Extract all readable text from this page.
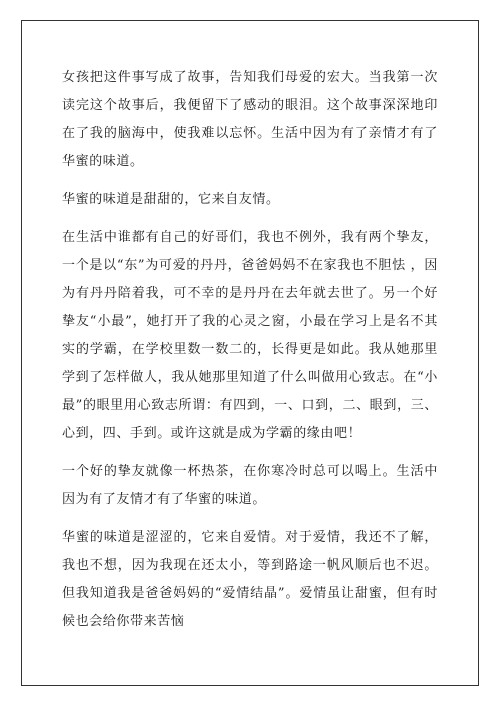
女孩把这件事写成了故事，告知我们母爱的宏大。当我第一次读完这个故事后，我便留下了感动的眼泪。这个故事深深地印在了我的脑海中，使我难以忘怀。生活中因为有了亲情才有了华蜜的味道。

华蜜的味道是甜甜的，它来自友情。

在生活中谁都有自己的好哥们，我也不例外，我有两个挚友，一个是以“东”为可爱的丹丹，爸爸妈妈不在家我也不胆怯 ，因为有丹丹陪着我，可不幸的是丹丹在去年就去世了。另一个好挚友“小最”，她打开了我的心灵之窗，小最在学习上是名不其实的学霸，在学校里数一数二的，长得更是如此。我从她那里学到了怎样做人，我从她那里知道了什么叫做用心致志。在“小最”的眼里用心致志所谓：有四到，一、口到，二、眼到，三、心到，四、手到。或许这就是成为学霸的缘由吧！

一个好的挚友就像一杯热茶，在你寒冷时总可以喝上。生活中因为有了友情才有了华蜜的味道。

华蜜的味道是涩涩的，它来自爱情。对于爱情，我还不了解，我也不想，因为我现在还太小，等到路途一帆风顺后也不迟。但我知道我是爸爸妈妈的“爱情结晶”。爱情虽让甜蜜，但有时候也会给你带来苦恼
